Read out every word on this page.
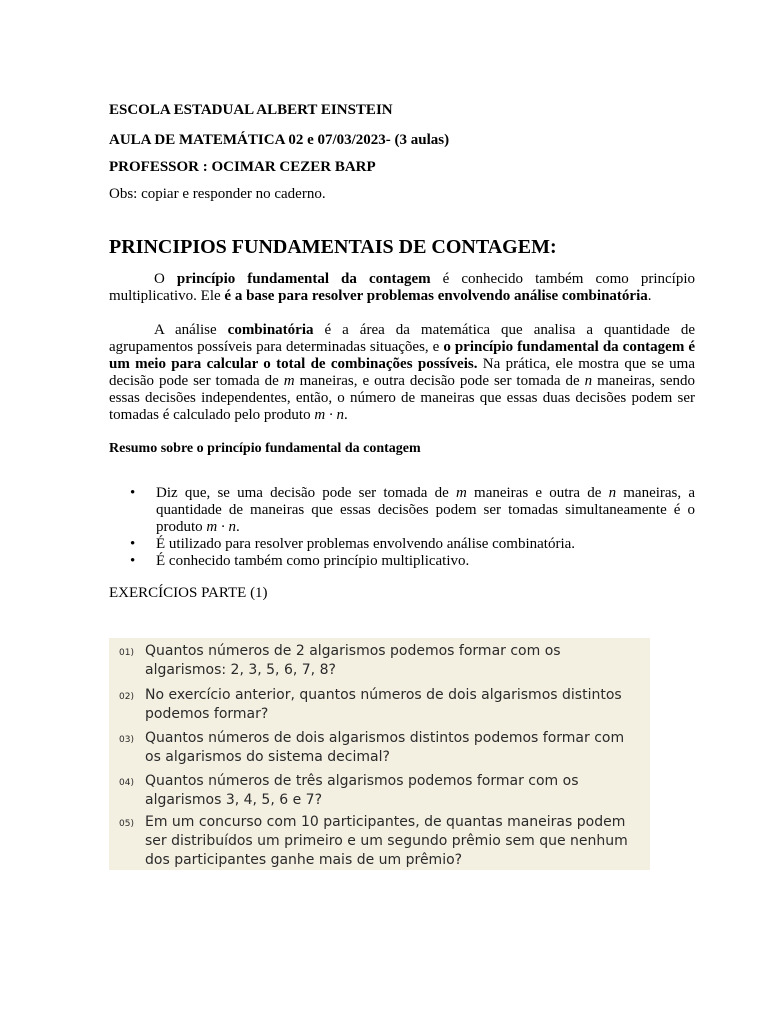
ESCOLA ESTADUAL ALBERT EINSTEIN
AULA DE MATEMÁTICA 02 e 07/03/2023- (3 aulas)
PROFESSOR : OCIMAR CEZER BARP
Obs: copiar e responder no caderno.
PRINCIPIOS FUNDAMENTAIS DE CONTAGEM:

O princípio fundamental da contagem é conhecido também como princípio multiplicativo. Ele é a base para resolver problemas envolvendo análise combinatória.

A análise combinatória é a área da matemática que analisa a quantidade de agrupamentos possíveis para determinadas situações, e o princípio fundamental da contagem é um meio para calcular o total de combinações possíveis. Na prática, ele mostra que se uma decisão pode ser tomada de m maneiras, e outra decisão pode ser tomada de n maneiras, sendo essas decisões independentes, então, o número de maneiras que essas duas decisões podem ser tomadas é calculado pelo produto m · n.

Resumo sobre o princípio fundamental da contagem
• Diz que, se uma decisão pode ser tomada de m maneiras e outra de n maneiras, a quantidade de maneiras que essas decisões podem ser tomadas simultaneamente é o produto m · n.
• É utilizado para resolver problemas envolvendo análise combinatória.
• É conhecido também como princípio multiplicativo.
EXERCÍCIOS PARTE (1)
01) Quantos números de 2 algarismos podemos formar com os algarismos: 2, 3, 5, 6, 7, 8?
02) No exercício anterior, quantos números de dois algarismos distintos podemos formar?
03) Quantos números de dois algarismos distintos podemos formar com os algarismos do sistema decimal?
04) Quantos números de três algarismos podemos formar com os algarismos 3, 4, 5, 6 e 7?
05) Em um concurso com 10 participantes, de quantas maneiras podem ser distribuídos um primeiro e um segundo prêmio sem que nenhum dos participantes ganhe mais de um prêmio?
